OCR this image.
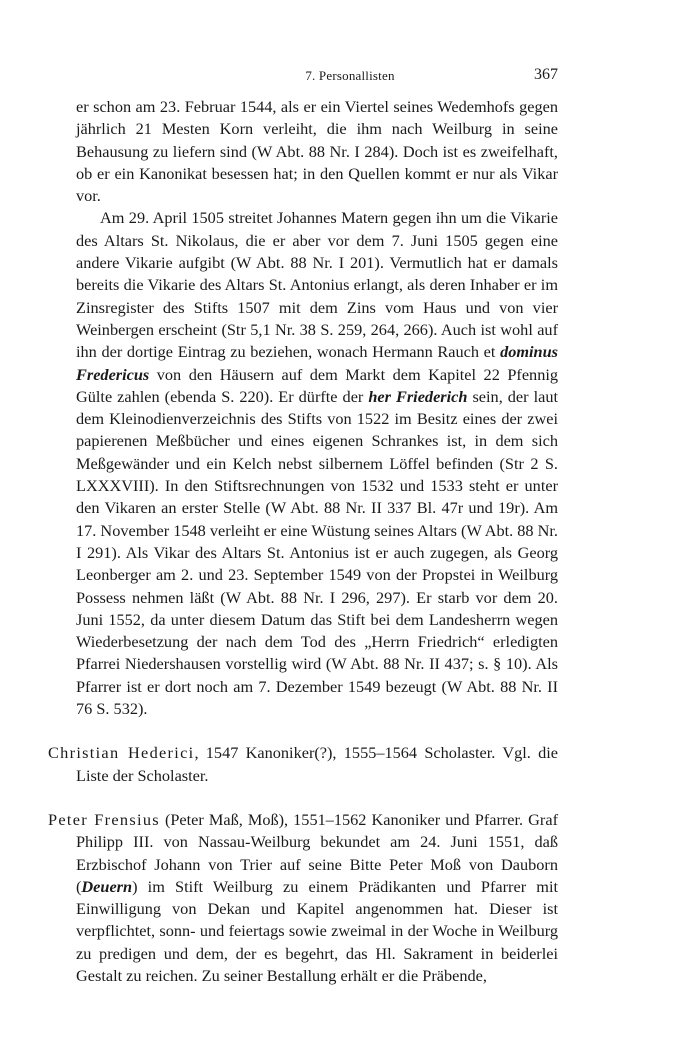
7. Personallisten	367

er schon am 23. Februar 1544, als er ein Viertel seines Wedemhofs gegen jährlich 21 Mesten Korn verleiht, die ihm nach Weilburg in seine Behausung zu liefern sind (W Abt. 88 Nr. I 284). Doch ist es zweifelhaft, ob er ein Kanonikat besessen hat; in den Quellen kommt er nur als Vikar vor.

Am 29. April 1505 streitet Johannes Matern gegen ihn um die Vikarie des Altars St. Nikolaus, die er aber vor dem 7. Juni 1505 gegen eine andere Vikarie aufgibt (W Abt. 88 Nr. I 201). Vermutlich hat er damals bereits die Vikarie des Altars St. Antonius erlangt, als deren Inhaber er im Zinsregister des Stifts 1507 mit dem Zins vom Haus und von vier Weinbergen erscheint (Str 5,1 Nr. 38 S. 259, 264, 266). Auch ist wohl auf ihn der dortige Eintrag zu beziehen, wonach Hermann Rauch et dominus Fredericus von den Häusern auf dem Markt dem Kapitel 22 Pfennig Gülte zahlen (ebenda S. 220). Er dürfte der her Friederich sein, der laut dem Kleinodienverzeichnis des Stifts von 1522 im Besitz eines der zwei papierenen Meßbücher und eines eigenen Schrankes ist, in dem sich Meßgewänder und ein Kelch nebst silbernem Löffel befinden (Str 2 S. LXXXVIII). In den Stiftsrechnungen von 1532 und 1533 steht er unter den Vikaren an erster Stelle (W Abt. 88 Nr. II 337 Bl. 47r und 19r). Am 17. November 1548 verleiht er eine Wüstung seines Altars (W Abt. 88 Nr. I 291). Als Vikar des Altars St. Antonius ist er auch zugegen, als Georg Leonberger am 2. und 23. September 1549 von der Propstei in Weilburg Possess nehmen läßt (W Abt. 88 Nr. I 296, 297). Er starb vor dem 20. Juni 1552, da unter diesem Datum das Stift bei dem Landesherrn wegen Wiederbesetzung der nach dem Tod des „Herrn Friedrich“ erledigten Pfarrei Niedershausen vorstellig wird (W Abt. 88 Nr. II 437; s. § 10). Als Pfarrer ist er dort noch am 7. Dezember 1549 bezeugt (W Abt. 88 Nr. II 76 S. 532).

Christian Hederici, 1547 Kanoniker(?), 1555–1564 Scholaster. Vgl. die Liste der Scholaster.

Peter Frensius (Peter Maß, Moß), 1551–1562 Kanoniker und Pfarrer. Graf Philipp III. von Nassau-Weilburg bekundet am 24. Juni 1551, daß Erzbischof Johann von Trier auf seine Bitte Peter Moß von Dauborn (Deuern) im Stift Weilburg zu einem Prädikanten und Pfarrer mit Einwilligung von Dekan und Kapitel angenommen hat. Dieser ist verpflichtet, sonn- und feiertags sowie zweimal in der Woche in Weilburg zu predigen und dem, der es begehrt, das Hl. Sakrament in beiderlei Gestalt zu reichen. Zu seiner Bestallung erhält er die Präbende,
